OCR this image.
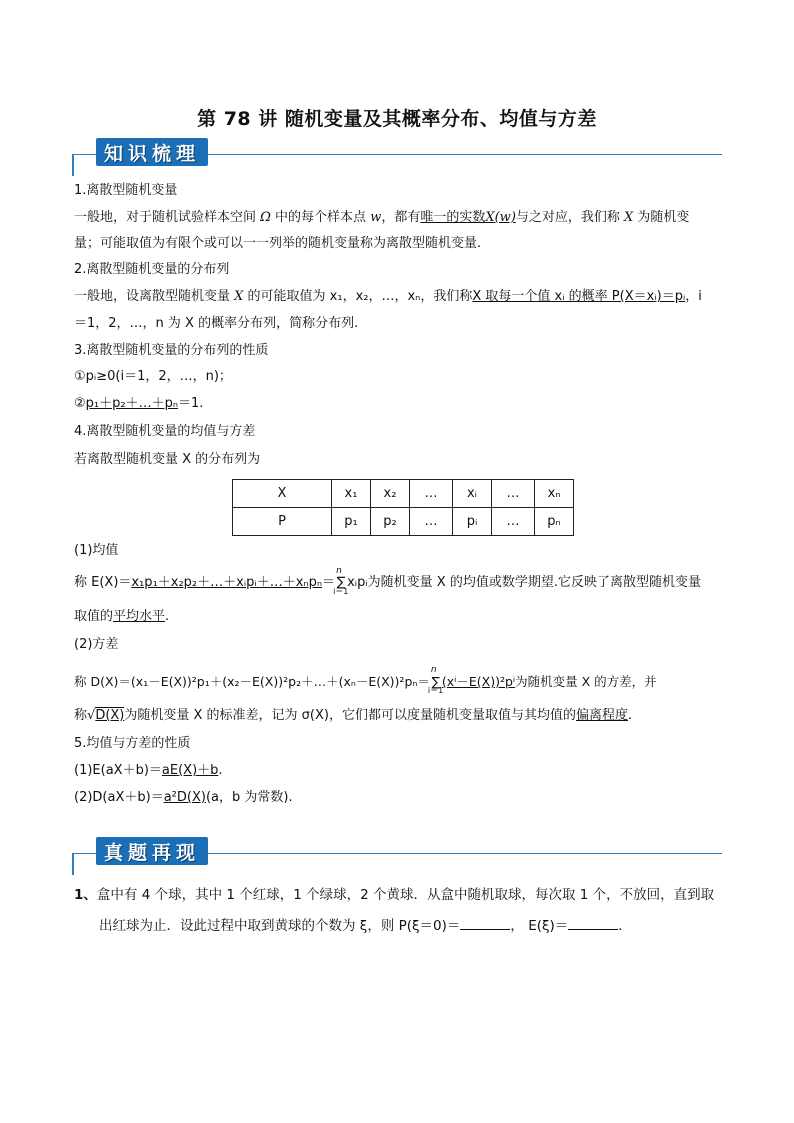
第 78 讲 随机变量及其概率分布、均值与方差
知识梳理
1.离散型随机变量
一般地，对于随机试验样本空间 Ω 中的每个样本点 w，都有唯一的实数X(w)与之对应，我们称 X 为随机变
量；可能取值为有限个或可以一一列举的随机变量称为离散型随机变量.
2.离散型随机变量的分布列
一般地，设离散型随机变量 X 的可能取值为 x₁，x₂，…，xₙ，我们称X 取每一个值 xᵢ 的概率 P(X＝xᵢ)＝pᵢ，i
＝1，2，…，n 为 X 的概率分布列，简称分布列.
3.离散型随机变量的分布列的性质
①pᵢ≥0(i＝1，2，…，n)；
②p₁＋p₂＋…＋pₙ＝1.
4.离散型随机变量的均值与方差
若离散型随机变量 X 的分布列为
X	x₁	x₂	…	xᵢ	…	xₙ
P	p₁	p₂	…	pᵢ	…	pₙ
(1)均值
称 E(X)＝x₁p₁＋x₂p₂＋…＋xᵢpᵢ＋…＋xₙpₙ＝ ∑
n
i＝1
xᵢpᵢ为随机变量 X 的均值或数学期望.它反映了离散型随机变量
取值的平均水平.
(2)方差
称 D(X)＝(x₁－E(X))²p₁＋(x₂－E(X))²p₂＋…＋(xₙ－E(X))²pₙ＝ ∑
n
i＝1
(xⁱ－E(X))²pⁱ为随机变量 X 的方差，并
称√D(X)为随机变量 X 的标准差，记为 σ(X)，它们都可以度量随机变量取值与其均值的偏离程度.
5.均值与方差的性质
(1)E(aX＋b)＝aE(X)＋b.
(2)D(aX＋b)＝a²D(X)(a，b 为常数).
真题再现
1、盒中有 4 个球，其中 1 个红球，1 个绿球，2 个黄球．从盒中随机取球，每次取 1 个，不放回，直到取
出红球为止．设此过程中取到黄球的个数为 ξ，则 P(ξ＝0)＝	， E(ξ)＝	．
